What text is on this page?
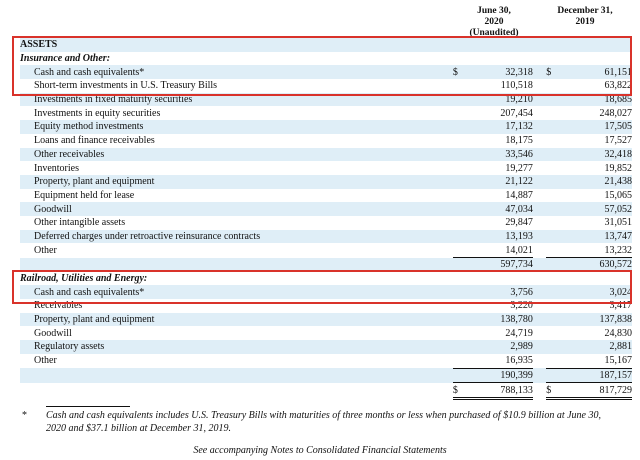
June 30,
2020
(Unaudited)
December 31,
2019
ASSETS					
Insurance and Other:					
Cash and cash equivalents*	$	32,318		$	61,151
Short-term investments in U.S. Treasury Bills		110,518			63,822
Investments in fixed maturity securities		19,210			18,685
Investments in equity securities		207,454			248,027
Equity method investments		17,132			17,505
Loans and finance receivables		18,175			17,527
Other receivables		33,546			32,418
Inventories		19,277			19,852
Property, plant and equipment		21,122			21,438
Equipment held for lease		14,887			15,065
Goodwill		47,034			57,052
Other intangible assets		29,847			31,051
Deferred charges under retroactive reinsurance contracts		13,193			13,747
Other		14,021			13,232
		597,734			630,572
Railroad, Utilities and Energy:					
Cash and cash equivalents*		3,756			3,024
Receivables		3,220			3,417
Property, plant and equipment		138,780			137,838
Goodwill		24,719			24,830
Regulatory assets		2,989			2,881
Other		16,935			15,167
		190,399			187,157
	$	788,133		$	817,729
* Cash and cash equivalents includes U.S. Treasury Bills with maturities of three months or less when purchased of $10.9 billion at June 30, 2020 and $37.1 billion at December 31, 2019.
See accompanying Notes to Consolidated Financial Statements
